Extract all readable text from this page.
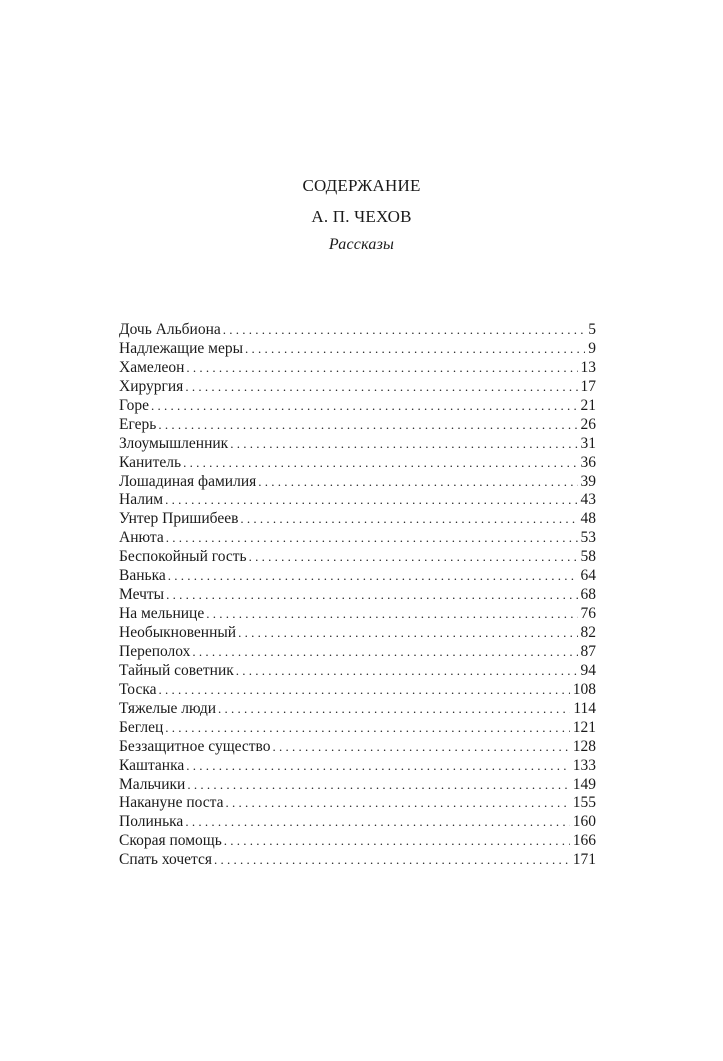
СОДЕРЖАНИЕ
А. П. ЧЕХОВ
Рассказы
Дочь Альбиона . . .	5
Надлежащие меры . . .	9
Хамелеон . . .	13
Хирургия . . .	17
Горе . . .	21
Егерь . . .	26
Злоумышленник . . .	31
Канитель . . .	36
Лошадиная фамилия . . .	39
Налим . . .	43
Унтер Пришибеев . . .	48
Анюта . . .	53
Беспокойный гость . . .	58
Ванька . . .	64
Мечты . . .	68
На мельнице . . .	76
Необыкновенный . . .	82
Переполох . . .	87
Тайный советник . . .	94
Тоска . . .	108
Тяжелые люди . . .	114
Беглец . . .	121
Беззащитное существо . . .	128
Каштанка . . .	133
Мальчики . . .	149
Накануне поста . . .	155
Полинька . . .	160
Скорая помощь . . .	166
Спать хочется . . .	171
